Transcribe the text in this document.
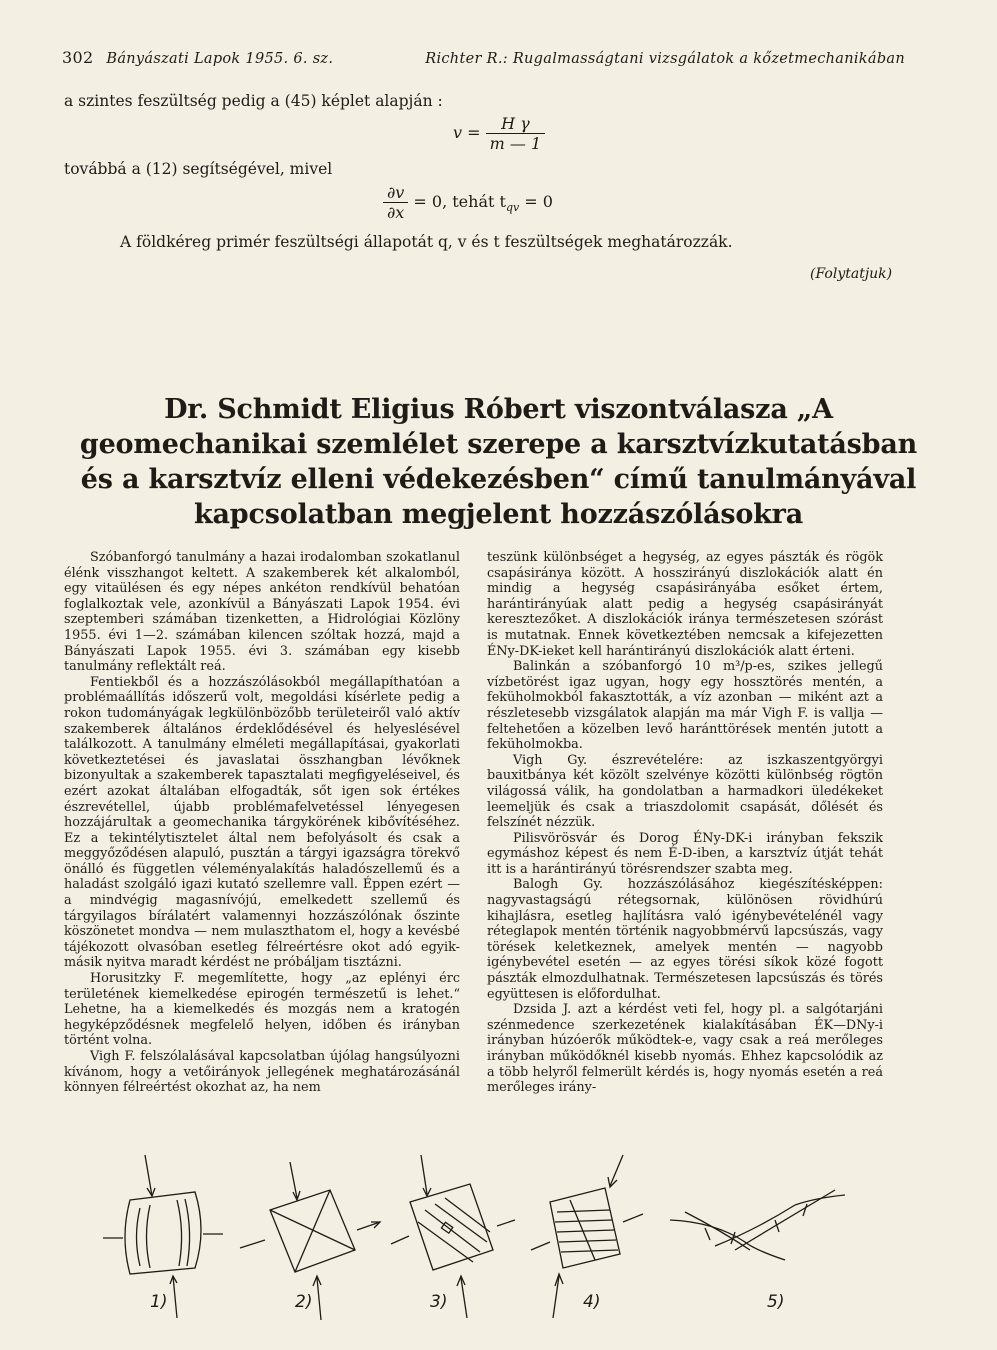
302 Bányászati Lapok 1955. 6. sz.	Richter R.: Rugalmasságtani vizsgálatok a kőzetmechanikában
a szintes feszültség pedig a (45) képlet alapján :
$v = \frac{\text{H γ}}{m — 1}$
továbbá a (12) segítségével, mivel
$\frac{\partial v}{\partial x} = 0$, tehát $t_{qv} = 0$
A földkéreg primér feszültségi állapotát q, v és t feszültségek meghatározzák.
(Folytatjuk)
Dr. Schmidt Eligius Róbert viszontválasza „A geomechanikai szemlélet szerepe a karsztvízkutatásban és a karsztvíz elleni védekezésben“ című tanulmányával kapcsolatban megjelent hozzászólásokra

Szóbanforgó tanulmány a hazai irodalomban szokatlanul élénk visszhangot keltett. A szakemberek két alkalomból, egy vitaülésen és egy népes ankéton rendkívül behatóan foglalkoztak vele, azonkívül a Bányászati Lapok 1954. évi szeptemberi számában tizenketten, a Hidrológiai Közlöny 1955. évi 1—2. számában kilencen szóltak hozzá, majd a Bányászati Lapok 1955. évi 3. számában egy kisebb tanulmány reflektált reá.

Fentiekből és a hozzászólásokból megállapíthatóan a problémaállítás időszerű volt, megoldási kísérlete pedig a rokon tudományágak legkülönbözőbb területeiről való aktív szakemberek általános érdeklődésével és helyeslésével találkozott. A tanulmány elméleti megállapításai, gyakorlati következtetései és javaslatai összhangban lévőknek bizonyultak a szakemberek tapasztalati megfigyeléseivel, és ezért azokat általában elfogadták, sőt igen sok értékes észrevétellel, újabb problémafelvetéssel lényegesen hozzájárultak a geomechanika tárgykörének kibővítéséhez. Ez a tekintélytisztelet által nem befolyásolt és csak a meggyőződésen alapuló, pusztán a tárgyi igazságra törekvő önálló és független véleményalakítás haladószellemű és a haladást szolgáló igazi kutató szellemre vall. Éppen ezért — a mindvégig magasnívójú, emelkedett szellemű és tárgyilagos bírálatért valamennyi hozzászólónak őszinte köszönetet mondva — nem mulaszthatom el, hogy a kevésbé tájékozott olvasóban esetleg félreértésre okot adó egyik-másik nyitva maradt kérdést ne próbáljam tisztázni.

Horusitzky F. megemlítette, hogy „az eplényi érc területének kiemelkedése epirogén természetű is lehet.“ Lehetne, ha a kiemelkedés és mozgás nem a kratogén hegyképződésnek megfelelő helyen, időben és irányban történt volna.

Vigh F. felszólalásával kapcsolatban újólag hangsúlyozni kívánom, hogy a vetőirányok jellegének meghatározásánál könnyen félreértést okozhat az, ha nem

teszünk különbséget a hegység, az egyes pászták és rögök csapásiránya között. A hosszirányú diszlokációk alatt én mindig a hegység csapásirányába esőket értem, harántirányúak alatt pedig a hegység csapásirányát keresztezőket. A diszlokációk iránya természetesen szórást is mutatnak. Ennek következtében nemcsak a kifejezetten ÉNy-DK-ieket kell harántirányú diszlokációk alatt érteni.

Balinkán a szóbanforgó 10 m³/p-es, szikes jellegű vízbetörést igaz ugyan, hogy egy hossztörés mentén, a feküholmokból fakasztották, a víz azonban — miként azt a részletesebb vizsgálatok alapján ma már Vigh F. is vallja — feltehetően a közelben levő haránttörések mentén jutott a feküholmokba.

Vigh Gy. észrevételére: az iszkaszentgyörgyi bauxitbánya két közölt szelvénye közötti különbség rögtön világossá válik, ha gondolatban a harmadkori üledékeket leemeljük és csak a triaszdolomit csapását, dőlését és felszínét nézzük.

Pilisvörösvár és Dorog ÉNy-DK-i irányban fekszik egymáshoz képest és nem É-D-iben, a karsztvíz útját tehát itt is a harántirányú törésrendszer szabta meg.

Balogh Gy. hozzászólásához kiegészítésképpen: nagyvastagságú rétegsornak, különösen rövidhúrú kihajlásra, esetleg hajlításra való igénybevételénél vagy réteglapok mentén történik nagyobbmérvű lapcsúszás, vagy törések keletkeznek, amelyek mentén — nagyobb igénybevétel esetén — az egyes törési síkok közé fogott pászták elmozdulhatnak. Természetesen lapcsúszás és törés együttesen is előfordulhat.

Dzsida J. azt a kérdést veti fel, hogy pl. a salgótarjáni szénmedence szerkezetének kialakításában ÉK—DNy-i irányban húzóerők működtek-e, vagy csak a reá merőleges irányban működőknél kisebb nyomás. Ehhez kapcsolódik az a több helyről felmerült kérdés is, hogy nyomás esetén a reá merőleges irány-

1)	2)	3)	4)	5)
